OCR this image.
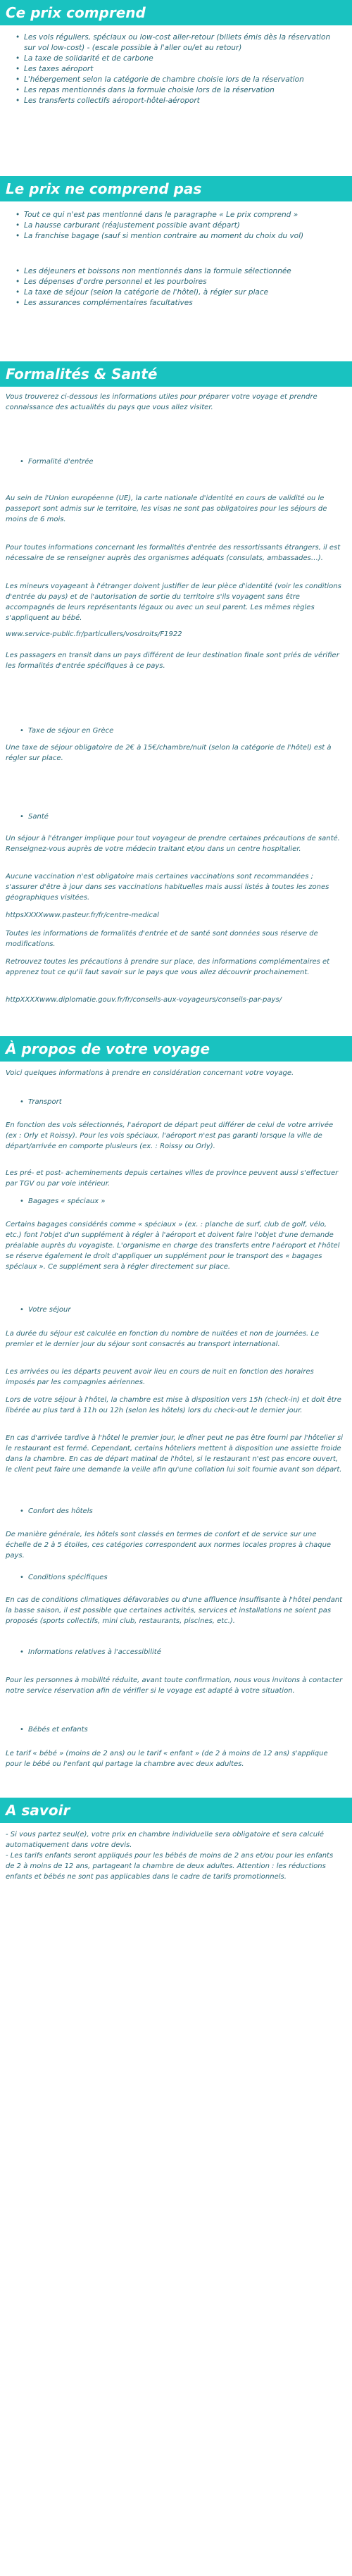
Ce prix comprend
• Les vols réguliers, spéciaux ou low-cost aller-retour (billets émis dès la réservation sur vol low-cost) - (escale possible à l'aller ou/et au retour)
• La taxe de solidarité et de carbone
• Les taxes aéroport
• L'hébergement selon la catégorie de chambre choisie lors de la réservation
• Les repas mentionnés dans la formule choisie lors de la réservation
• Les transferts collectifs aéroport-hôtel-aéroport
Le prix ne comprend pas
• Tout ce qui n'est pas mentionné dans le paragraphe « Le prix comprend »
• La hausse carburant (réajustement possible avant départ)
• La franchise bagage (sauf si mention contraire au moment du choix du vol)
• Les déjeuners et boissons non mentionnés dans la formule sélectionnée
• Les dépenses d'ordre personnel et les pourboires
• La taxe de séjour (selon la catégorie de l'hôtel), à régler sur place
• Les assurances complémentaires facultatives
Formalités & Santé

Vous trouverez ci-dessous les informations utiles pour préparer votre voyage et prendre connaissance des actualités du pays que vous allez visiter.

• Formalité d'entrée

Au sein de l'Union européenne (UE), la carte nationale d'identité en cours de validité ou le passeport sont admis sur le territoire, les visas ne sont pas obligatoires pour les séjours de moins de 6 mois.

Pour toutes informations concernant les formalités d'entrée des ressortissants étrangers, il est nécessaire de se renseigner auprès des organismes adéquats (consulats, ambassades…).

Les mineurs voyageant à l'étranger doivent justifier de leur pièce d'identité (voir les conditions d'entrée du pays) et de l'autorisation de sortie du territoire s'ils voyagent sans être accompagnés de leurs représentants légaux ou avec un seul parent. Les mêmes règles s'appliquent au bébé.

www.service-public.fr/particuliers/vosdroits/F1922

Les passagers en transit dans un pays différent de leur destination finale sont priés de vérifier les formalités d'entrée spécifiques à ce pays.

• Taxe de séjour en Grèce

Une taxe de séjour obligatoire de 2€ à 15€/chambre/nuit (selon la catégorie de l'hôtel) est à régler sur place.

• Santé

Un séjour à l'étranger implique pour tout voyageur de prendre certaines précautions de santé. Renseignez-vous auprès de votre médecin traitant et/ou dans un centre hospitalier.

Aucune vaccination n'est obligatoire mais certaines vaccinations sont recommandées ; s'assurer d'être à jour dans ses vaccinations habituelles mais aussi listés à toutes les zones géographiques visitées.

httpsXXXXwww.pasteur.fr/fr/centre-medical

Toutes les informations de formalités d'entrée et de santé sont données sous réserve de modifications.

Retrouvez toutes les précautions à prendre sur place, des informations complémentaires et apprenez tout ce qu'il faut savoir sur le pays que vous allez découvrir prochainement.

httpXXXXwww.diplomatie.gouv.fr/fr/conseils-aux-voyageurs/conseils-par-pays/

À propos de votre voyage

Voici quelques informations à prendre en considération concernant votre voyage.

• Transport

En fonction des vols sélectionnés, l'aéroport de départ peut différer de celui de votre arrivée (ex : Orly et Roissy). Pour les vols spéciaux, l'aéroport n'est pas garanti lorsque la ville de départ/arrivée en comporte plusieurs (ex. : Roissy ou Orly).

Les pré- et post- acheminements depuis certaines villes de province peuvent aussi s'effectuer par TGV ou par voie intérieur.

• Bagages « spéciaux »

Certains bagages considérés comme « spéciaux » (ex. : planche de surf, club de golf, vélo, etc.) font l'objet d'un supplément à régler à l'aéroport et doivent faire l'objet d'une demande préalable auprès du voyagiste. L'organisme en charge des transferts entre l'aéroport et l'hôtel se réserve également le droit d'appliquer un supplément pour le transport des « bagages spéciaux ». Ce supplément sera à régler directement sur place.

• Votre séjour

La durée du séjour est calculée en fonction du nombre de nuitées et non de journées. Le premier et le dernier jour du séjour sont consacrés au transport international.

Les arrivées ou les départs peuvent avoir lieu en cours de nuit en fonction des horaires imposés par les compagnies aériennes.

Lors de votre séjour à l'hôtel, la chambre est mise à disposition vers 15h (check-in) et doit être libérée au plus tard à 11h ou 12h (selon les hôtels) lors du check-out le dernier jour.

En cas d'arrivée tardive à l'hôtel le premier jour, le dîner peut ne pas être fourni par l'hôtelier si le restaurant est fermé. Cependant, certains hôteliers mettent à disposition une assiette froide dans la chambre. En cas de départ matinal de l'hôtel, si le restaurant n'est pas encore ouvert, le client peut faire une demande la veille afin qu'une collation lui soit fournie avant son départ.

• Confort des hôtels

De manière générale, les hôtels sont classés en termes de confort et de service sur une échelle de 2 à 5 étoiles, ces catégories correspondent aux normes locales propres à chaque pays.

• Conditions spécifiques

En cas de conditions climatiques défavorables ou d'une affluence insuffisante à l'hôtel pendant la basse saison, il est possible que certaines activités, services et installations ne soient pas proposés (sports collectifs, mini club, restaurants, piscines, etc.).

• Informations relatives à l'accessibilité

Pour les personnes à mobilité réduite, avant toute confirmation, nous vous invitons à contacter notre service réservation afin de vérifier si le voyage est adapté à votre situation.

• Bébés et enfants

Le tarif « bébé » (moins de 2 ans) ou le tarif « enfant » (de 2 à moins de 12 ans) s'applique pour le bébé ou l'enfant qui partage la chambre avec deux adultes.

A savoir

- Si vous partez seul(e), votre prix en chambre individuelle sera obligatoire et sera calculé automatiquement dans votre devis.

- Les tarifs enfants seront appliqués pour les bébés de moins de 2 ans et/ou pour les enfants de 2 à moins de 12 ans, partageant la chambre de deux adultes. Attention : les réductions enfants et bébés ne sont pas applicables dans le cadre de tarifs promotionnels.
